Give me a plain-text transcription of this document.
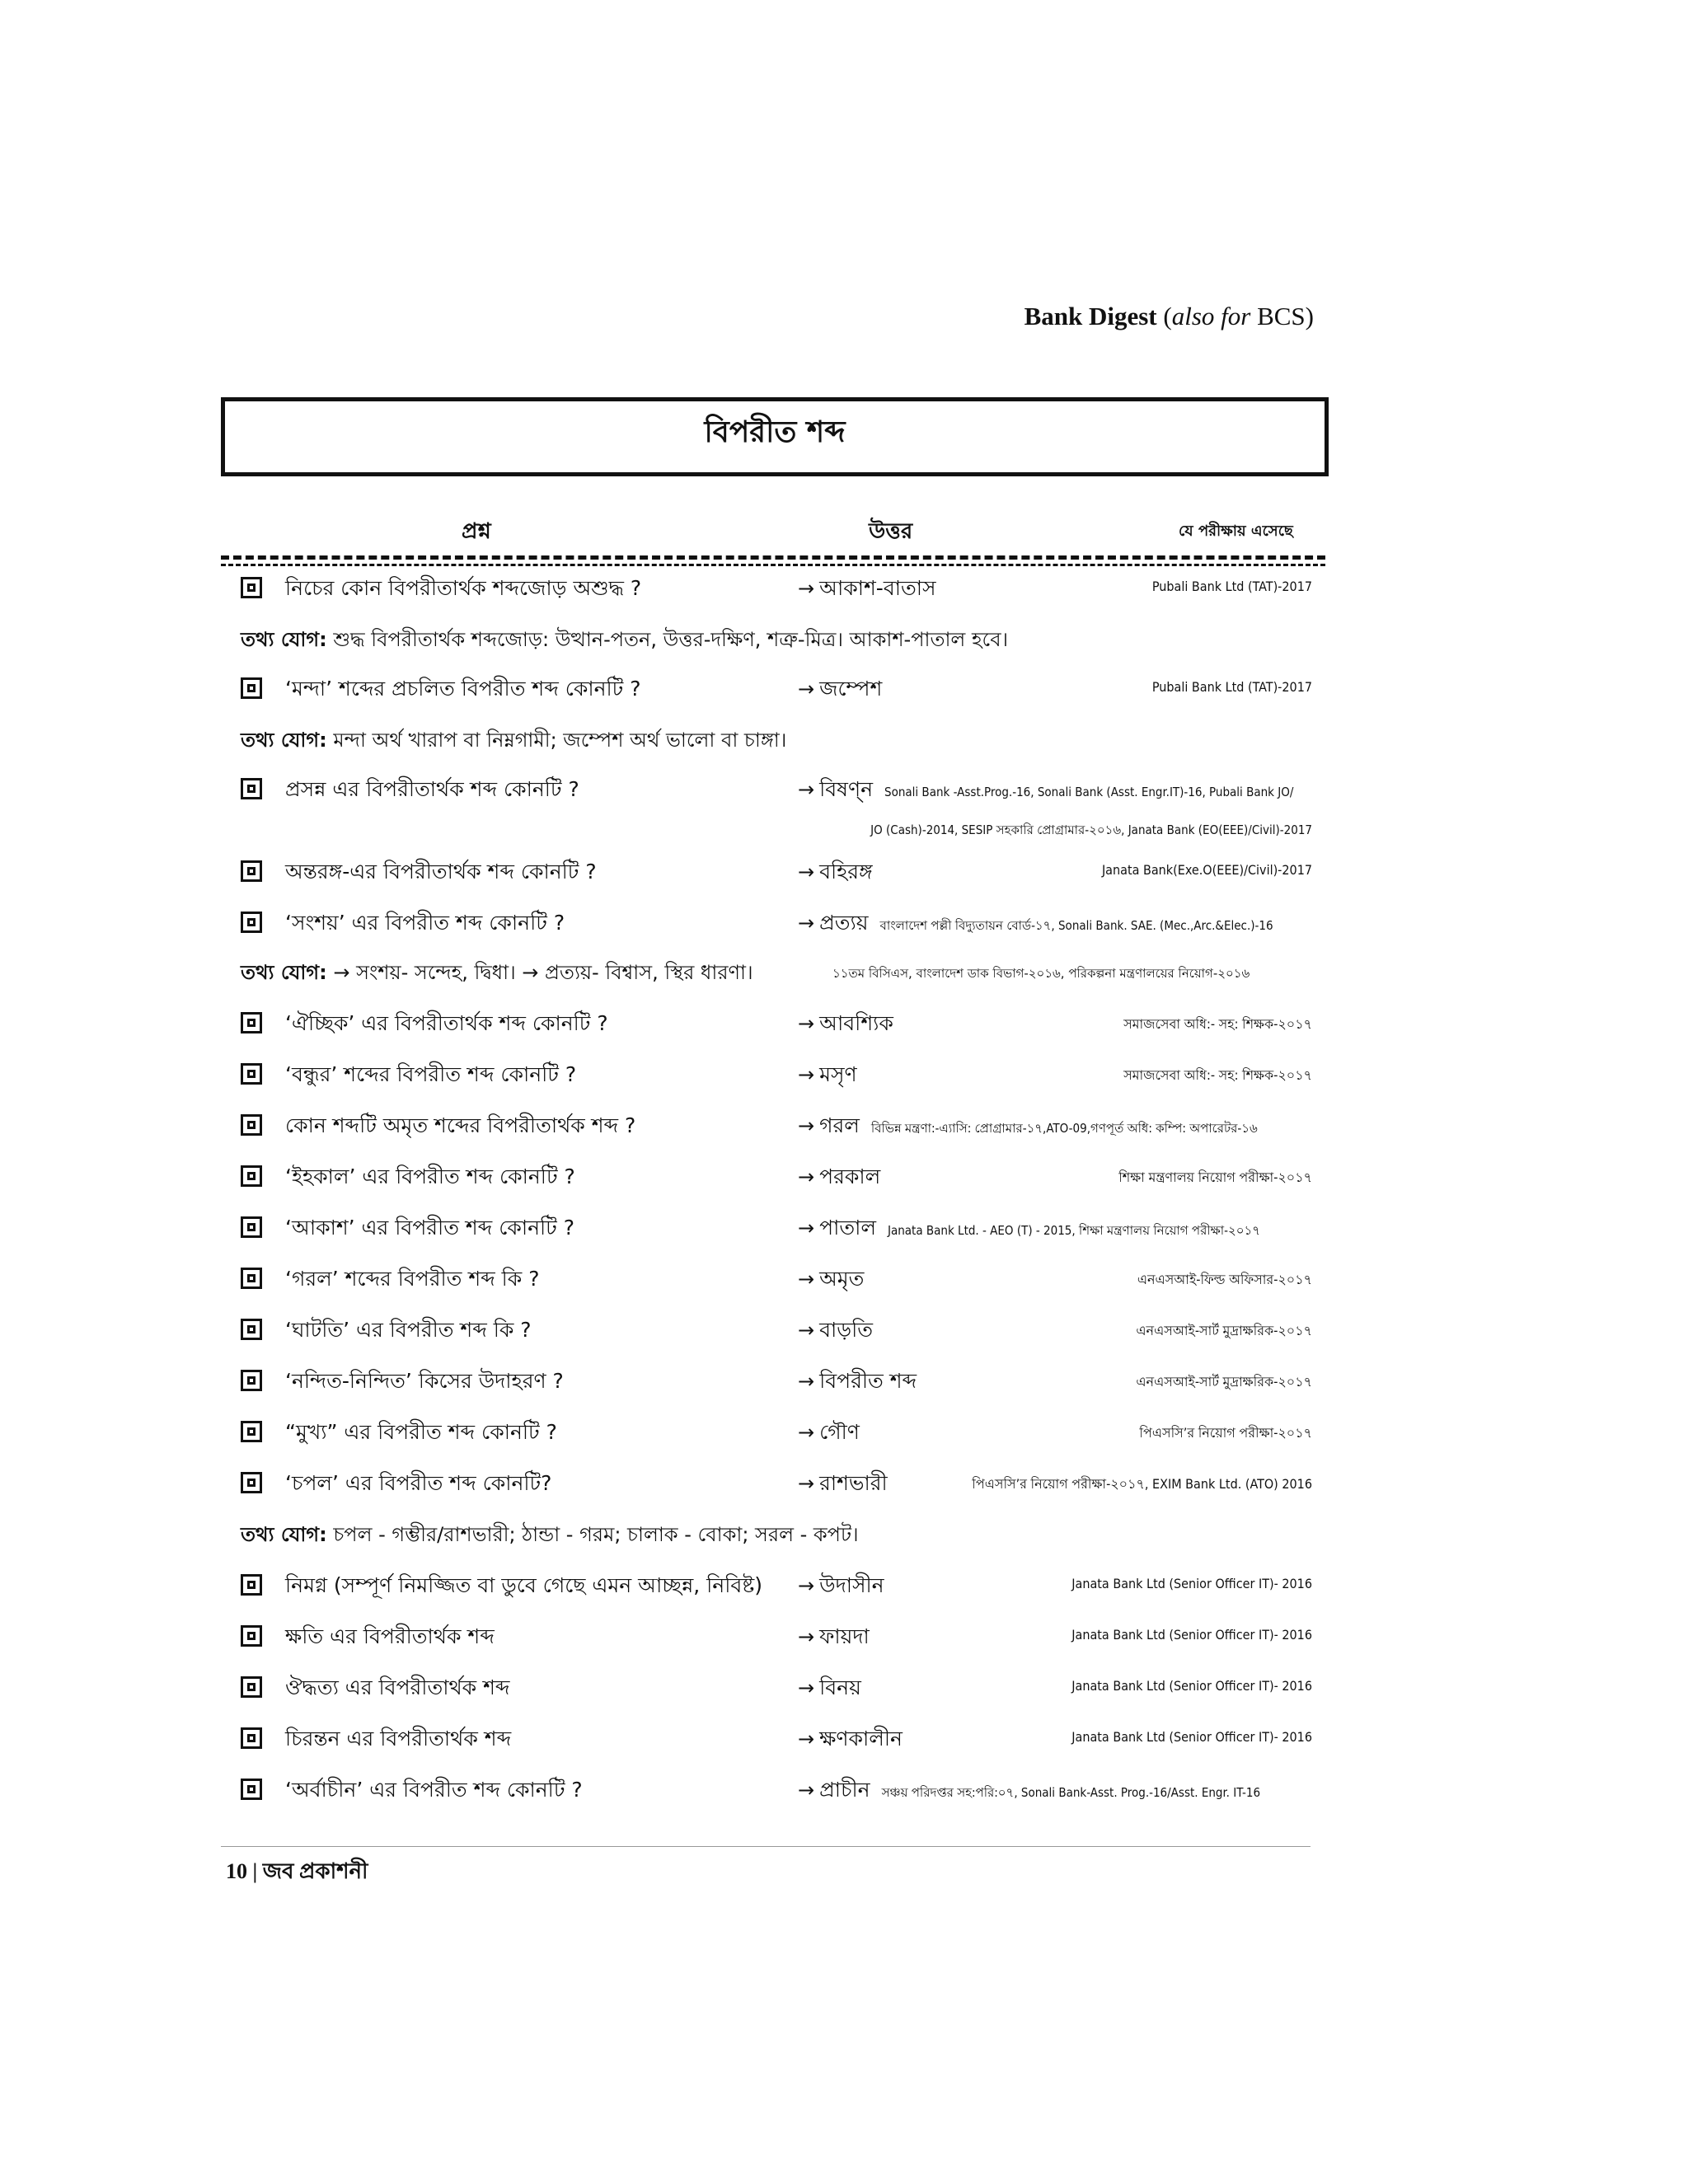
Bank Digest (also for BCS)
বিপরীত শব্দ
প্রশ্ন	উত্তর	যে পরীক্ষায় এসেছে
নিচের কোন বিপরীতার্থক শব্দজোড় অশুদ্ধ ?	→ আকাশ-বাতাস	Pubali Bank Ltd (TAT)-2017
তথ্য যোগ: শুদ্ধ বিপরীতার্থক শব্দজোড়: উত্থান-পতন, উত্তর-দক্ষিণ, শত্রু-মিত্র। আকাশ-পাতাল হবে।
‘মন্দা’ শব্দের প্রচলিত বিপরীত শব্দ কোনটি ?	→ জম্পেশ	Pubali Bank Ltd (TAT)-2017
তথ্য যোগ: মন্দা অর্থ খারাপ বা নিম্নগামী; জম্পেশ অর্থ ভালো বা চাঙ্গা।
প্রসন্ন এর বিপরীতার্থক শব্দ কোনটি ?	→ বিষণ্ন Sonali Bank -Asst.Prog.-16, Sonali Bank (Asst. Engr.IT)-16, Pubali Bank JO/
JO (Cash)-2014, SESIP সহকারি প্রোগ্রামার-২০১৬, Janata Bank (EO(EEE)/Civil)-2017
অন্তরঙ্গ-এর বিপরীতার্থক শব্দ কোনটি ?	→ বহিরঙ্গ	Janata Bank(Exe.O(EEE)/Civil)-2017
‘সংশয়’ এর বিপরীত শব্দ কোনটি ?	→ প্রত্যয় বাংলাদেশ পল্লী বিদ্যুতায়ন বোর্ড-১৭, Sonali Bank. SAE. (Mec.,Arc.&Elec.)-16
তথ্য যোগ: → সংশয়- সন্দেহ, দ্বিধা। → প্রত্যয়- বিশ্বাস, স্থির ধারণা।	১১তম বিসিএস, বাংলাদেশ ডাক বিভাগ-২০১৬, পরিকল্পনা মন্ত্রণালয়ের নিয়োগ-২০১৬
‘ঐচ্ছিক’ এর বিপরীতার্থক শব্দ কোনটি ?	→ আবশ্যিক	সমাজসেবা অধি:- সহ: শিক্ষক-২০১৭
‘বন্ধুর’ শব্দের বিপরীত শব্দ কোনটি ?	→ মসৃণ	সমাজসেবা অধি:- সহ: শিক্ষক-২০১৭
কোন শব্দটি অমৃত শব্দের বিপরীতার্থক শব্দ ?	→ গরল বিভিন্ন মন্ত্রণা:-এ্যাসি: প্রোগ্রামার-১৭,ATO-09,গণপূর্ত অধি: কম্পি: অপারেটর-১৬
‘ইহকাল’ এর বিপরীত শব্দ কোনটি ?	→ পরকাল	শিক্ষা মন্ত্রণালয় নিয়োগ পরীক্ষা-২০১৭
‘আকাশ’ এর বিপরীত শব্দ কোনটি ?	→ পাতাল Janata Bank Ltd. - AEO (T) - 2015, শিক্ষা মন্ত্রণালয় নিয়োগ পরীক্ষা-২০১৭
‘গরল’ শব্দের বিপরীত শব্দ কি ?	→ অমৃত	এনএসআই-ফিল্ড অফিসার-২০১৭
‘ঘাটতি’ এর বিপরীত শব্দ কি ?	→ বাড়তি	এনএসআই-সার্ট মুদ্রাক্ষরিক-২০১৭
‘নন্দিত-নিন্দিত’ কিসের উদাহরণ ?	→ বিপরীত শব্দ	এনএসআই-সার্ট মুদ্রাক্ষরিক-২০১৭
“মুখ্য” এর বিপরীত শব্দ কোনটি ?	→ গৌণ	পিএসসি’র নিয়োগ পরীক্ষা-২০১৭
‘চপল’ এর বিপরীত শব্দ কোনটি?	→ রাশভারী	পিএসসি’র নিয়োগ পরীক্ষা-২০১৭, EXIM Bank Ltd. (ATO) 2016
তথ্য যোগ: চপল - গম্ভীর/রাশভারী; ঠান্ডা - গরম; চালাক - বোকা; সরল - কপট।
নিমগ্ন (সম্পূর্ণ নিমজ্জিত বা ডুবে গেছে এমন আচ্ছন্ন, নিবিষ্ট) → উদাসীন	Janata Bank Ltd (Senior Officer IT)- 2016
ক্ষতি এর বিপরীতার্থক শব্দ	→ ফায়দা	Janata Bank Ltd (Senior Officer IT)- 2016
ঔদ্ধত্য এর বিপরীতার্থক শব্দ	→ বিনয়	Janata Bank Ltd (Senior Officer IT)- 2016
চিরন্তন এর বিপরীতার্থক শব্দ	→ ক্ষণকালীন	Janata Bank Ltd (Senior Officer IT)- 2016
‘অর্বাচীন’ এর বিপরীত শব্দ কোনটি ?	→ প্রাচীন সঞ্চয় পরিদপ্তর সহ:পরি:০৭, Sonali Bank-Asst. Prog.-16/Asst. Engr. IT-16
10 | জব প্রকাশনী
